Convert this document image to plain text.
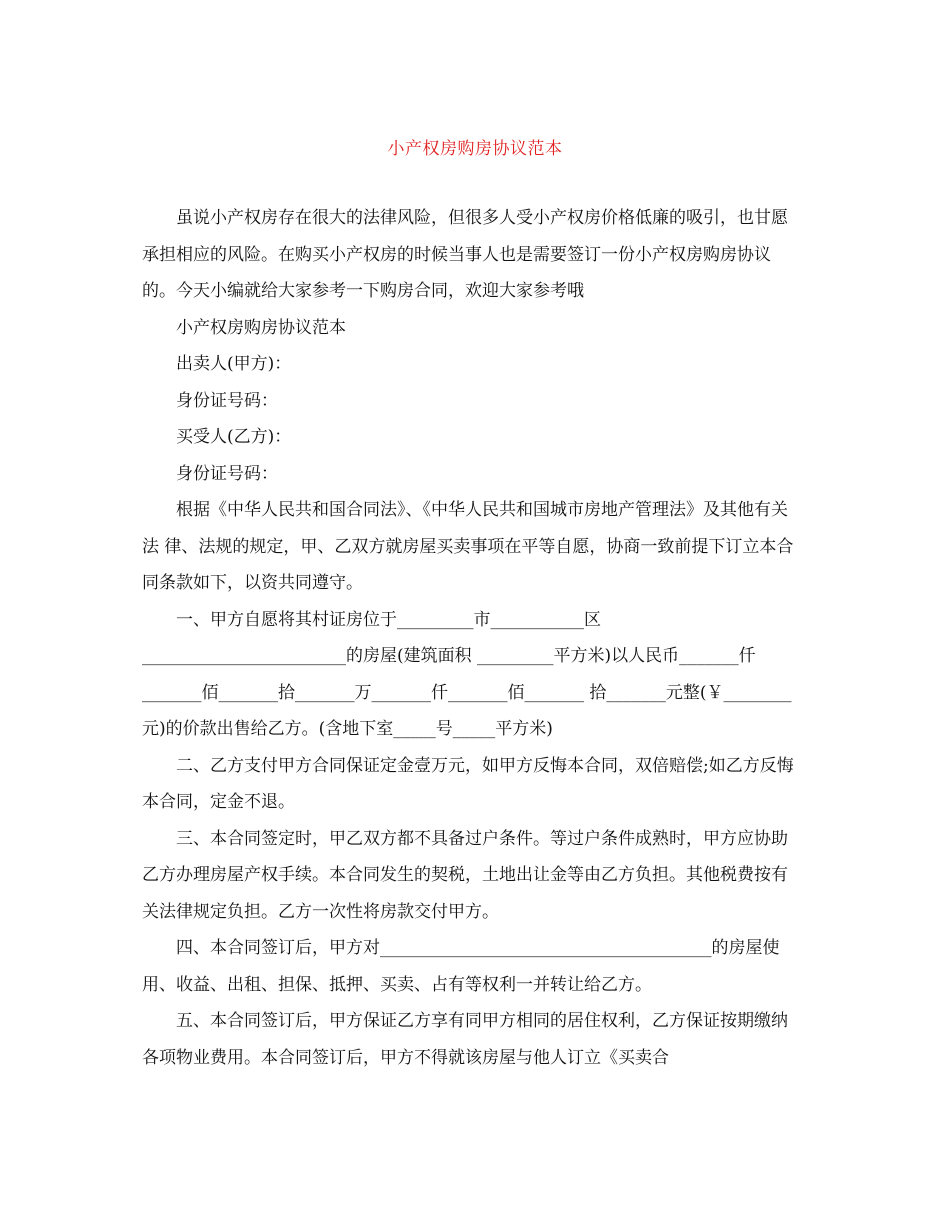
小产权房购房协议范本

虽说小产权房存在很大的法律风险，但很多人受小产权房价格低廉的吸引，也甘愿承担相应的风险。在购买小产权房的时候当事人也是需要签订一份小产权房购房协议的。今天小编就给大家参考一下购房合同，欢迎大家参考哦

小产权房购房协议范本

出卖人(甲方)：

身份证号码：

买受人(乙方)：

身份证号码：

根据《中华人民共和国合同法》、《中华人民共和国城市房地产管理法》及其他有关法 律、法规的规定，甲、乙双方就房屋买卖事项在平等自愿，协商一致前提下订立本合同条款如下，以资共同遵守。

一、甲方自愿将其村证房位于_________市___________区________________________的房屋(建筑面积 _________平方米)以人民币_______仟_______佰_______拾_______万_______仟_______佰_______ 拾_______元整(￥________ 元)的价款出售给乙方。(含地下室_____号_____平方米)

二、乙方支付甲方合同保证定金壹万元，如甲方反悔本合同，双倍赔偿;如乙方反悔本合同，定金不退。

三、本合同签定时，甲乙双方都不具备过户条件。等过户条件成熟时，甲方应协助乙方办理房屋产权手续。本合同发生的契税，土地出让金等由乙方负担。其他税费按有关法律规定负担。乙方一次性将房款交付甲方。

四、本合同签订后，甲方对_______________________________________的房屋使用、收益、出租、担保、抵押、买卖、占有等权利一并转让给乙方。

五、本合同签订后，甲方保证乙方享有同甲方相同的居住权利，乙方保证按期缴纳各项物业费用。本合同签订后，甲方不得就该房屋与他人订立《买卖合
